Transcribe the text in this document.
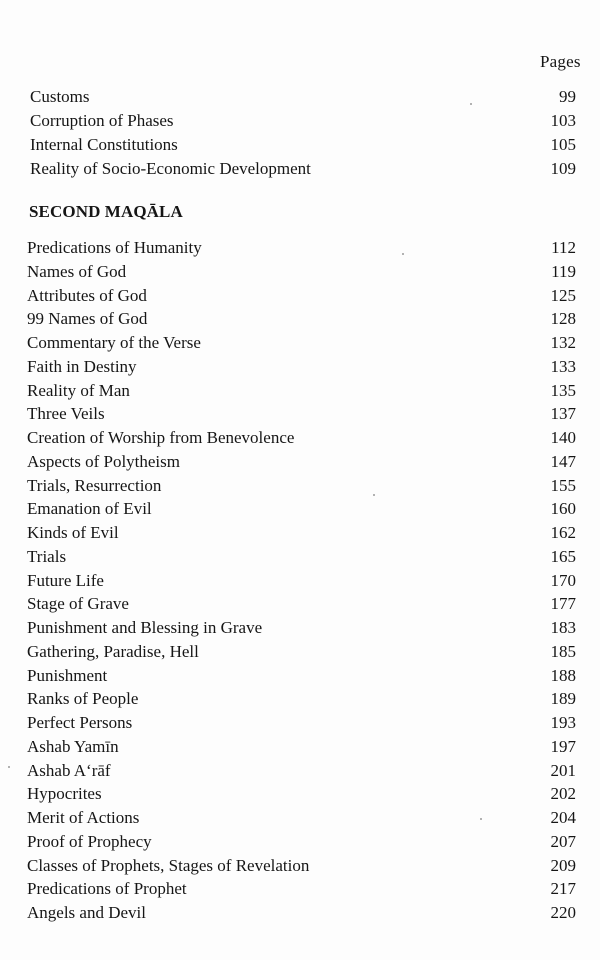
Pages
Customs	99
Corruption of Phases	103
Internal Constitutions	105
Reality of Socio-Economic Development	109
SECOND MAQĀLA
Predications of Humanity	112
Names of God	119
Attributes of God	125
99 Names of God	128
Commentary of the Verse	132
Faith in Destiny	133
Reality of Man	135
Three Veils	137
Creation of Worship from Benevolence	140
Aspects of Polytheism	147
Trials, Resurrection	155
Emanation of Evil	160
Kinds of Evil	162
Trials	165
Future Life	170
Stage of Grave	177
Punishment and Blessing in Grave	183
Gathering, Paradise, Hell	185
Punishment	188
Ranks of People	189
Perfect Persons	193
Ashab Yamīn	197
Ashab A‘rāf	201
Hypocrites	202
Merit of Actions	204
Proof of Prophecy	207
Classes of Prophets, Stages of Revelation	209
Predications of Prophet	217
Angels and Devil	220
